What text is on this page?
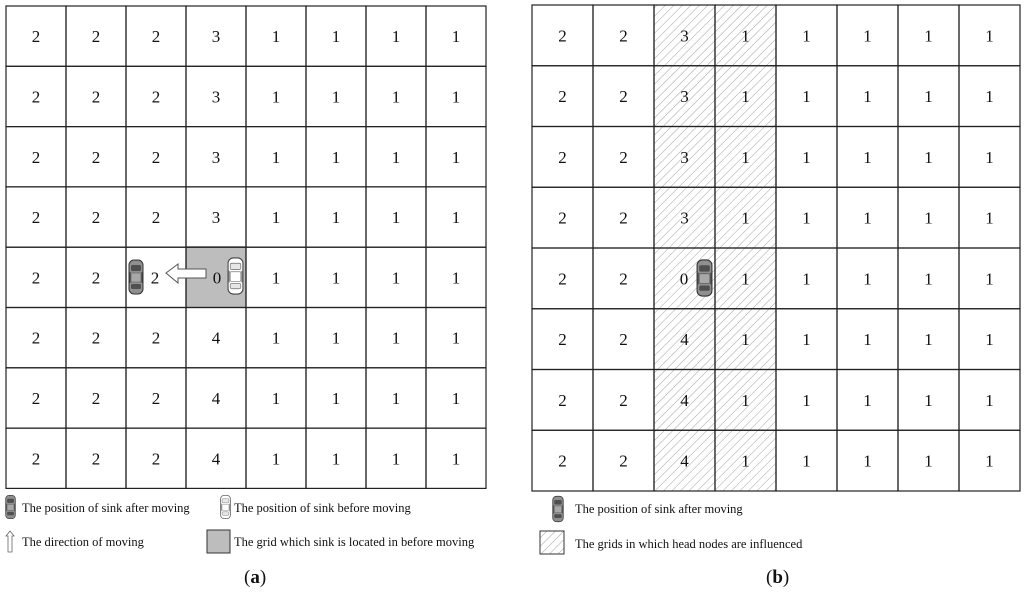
2	2	2	3	1	1	1	1
2	2	2	3	1	1	1	1
2	2	2	3	1	1	1	1
2	2	2	3	1	1	1	1
2	2	2	0	1	1	1	1
2	2	2	4	1	1	1	1
2	2	2	4	1	1	1	1
2	2	2	4	1	1	1	1
The position of sink after moving	The position of sink before moving
The direction of moving	The grid which sink is located in before moving
(a)
2	2	3	1	1	1	1	1
2	2	3	1	1	1	1	1
2	2	3	1	1	1	1	1
2	2	3	1	1	1	1	1
2	2	0	1	1	1	1	1
2	2	4	1	1	1	1	1
2	2	4	1	1	1	1	1
2	2	4	1	1	1	1	1
The position of sink after moving
The grids in which head nodes are influenced
(b)
